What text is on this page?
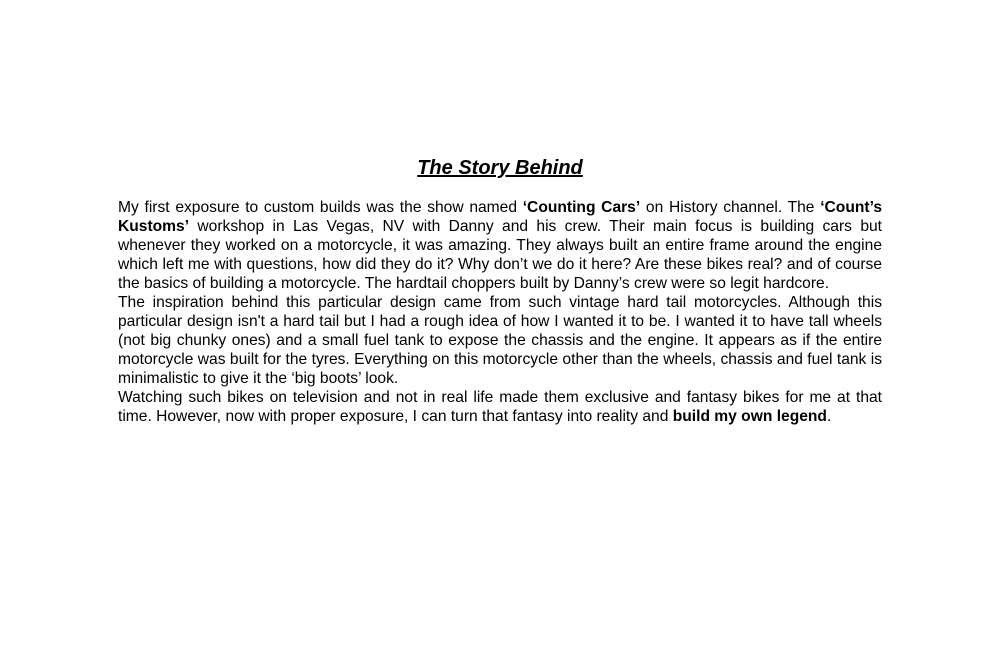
The Story Behind

My first exposure to custom builds was the show named ‘Counting Cars’ on History channel. The ‘Count’s Kustoms’ workshop in Las Vegas, NV with Danny and his crew. Their main focus is building cars but whenever they worked on a motorcycle, it was amazing. They always built an entire frame around the engine which left me with questions, how did they do it? Why don’t we do it here? Are these bikes real? and of course the basics of building a motorcycle. The hardtail choppers built by Danny’s crew were so legit hardcore.

The inspiration behind this particular design came from such vintage hard tail motorcycles. Although this particular design isn't a hard tail but I had a rough idea of how I wanted it to be. I wanted it to have tall wheels (not big chunky ones) and a small fuel tank to expose the chassis and the engine. It appears as if the entire motorcycle was built for the tyres. Everything on this motorcycle other than the wheels, chassis and fuel tank is minimalistic to give it the ‘big boots’ look.

Watching such bikes on television and not in real life made them exclusive and fantasy bikes for me at that time. However, now with proper exposure, I can turn that fantasy into reality and build my own legend.
